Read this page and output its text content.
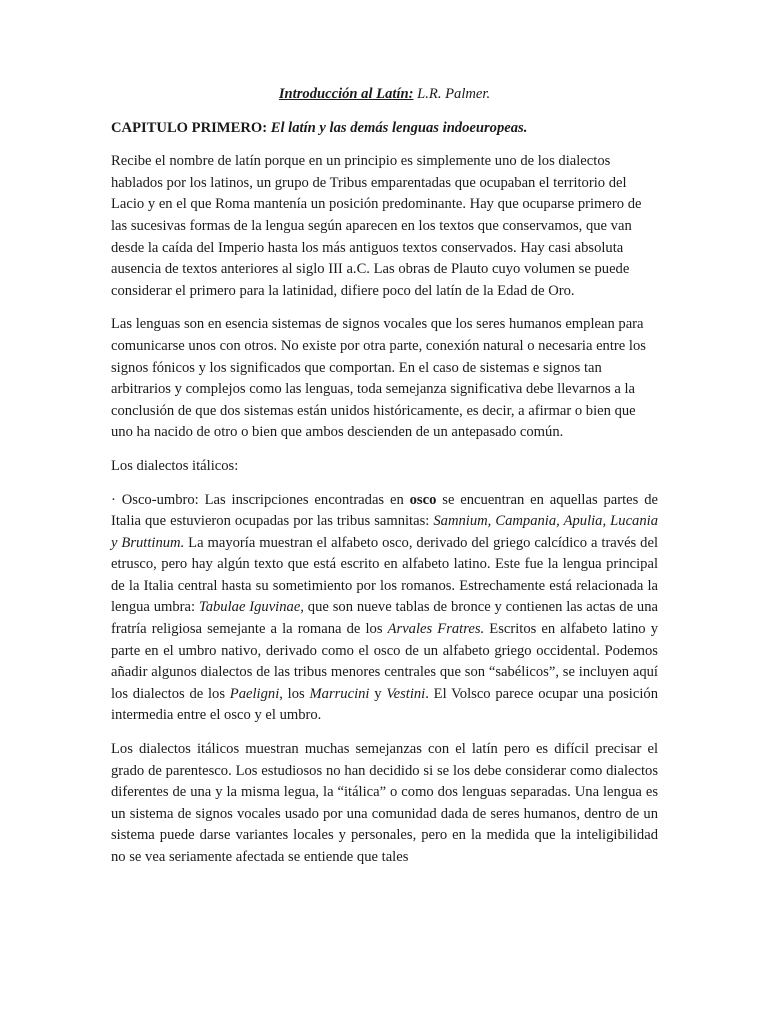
Introducción al Latín: L.R. Palmer.
CAPITULO PRIMERO: El latín y las demás lenguas indoeuropeas.

Recibe el nombre de latín porque en un principio es simplemente uno de los dialectos hablados por los latinos, un grupo de Tribus emparentadas que ocupaban el territorio del Lacio y en el que Roma mantenía un posición predominante. Hay que ocuparse primero de las sucesivas formas de la lengua según aparecen en los textos que conservamos, que van desde la caída del Imperio hasta los más antiguos textos conservados. Hay casi absoluta ausencia de textos anteriores al siglo III a.C. Las obras de Plauto cuyo volumen se puede considerar el primero para la latinidad, difiere poco del latín de la Edad de Oro.

Las lenguas son en esencia sistemas de signos vocales que los seres humanos emplean para comunicarse unos con otros. No existe por otra parte, conexión natural o necesaria entre los signos fónicos y los significados que comportan. En el caso de sistemas e signos tan arbitrarios y complejos como las lenguas, toda semejanza significativa debe llevarnos a la conclusión de que dos sistemas están unidos históricamente, es decir, a afirmar o bien que uno ha nacido de otro o bien que ambos descienden de un antepasado común.

Los dialectos itálicos:

· Osco-umbro: Las inscripciones encontradas en osco se encuentran en aquellas partes de Italia que estuvieron ocupadas por las tribus samnitas: Samnium, Campania, Apulia, Lucania y Bruttinum. La mayoría muestran el alfabeto osco, derivado del griego calcídico a través del etrusco, pero hay algún texto que está escrito en alfabeto latino. Este fue la lengua principal de la Italia central hasta su sometimiento por los romanos. Estrechamente está relacionada la lengua umbra: Tabulae Iguvinae, que son nueve tablas de bronce y contienen las actas de una fratría religiosa semejante a la romana de los Arvales Fratres. Escritos en alfabeto latino y parte en el umbro nativo, derivado como el osco de un alfabeto griego occidental. Podemos añadir algunos dialectos de las tribus menores centrales que son “sabélicos”, se incluyen aquí los dialectos de los Paeligni, los Marrucini y Vestini. El Volsco parece ocupar una posición intermedia entre el osco y el umbro.

Los dialectos itálicos muestran muchas semejanzas con el latín pero es difícil precisar el grado de parentesco. Los estudiosos no han decidido si se los debe considerar como dialectos diferentes de una y la misma legua, la “itálica” o como dos lenguas separadas. Una lengua es un sistema de signos vocales usado por una comunidad dada de seres humanos, dentro de un sistema puede darse variantes locales y personales, pero en la medida que la inteligibilidad no se vea seriamente afectada se entiende que tales
